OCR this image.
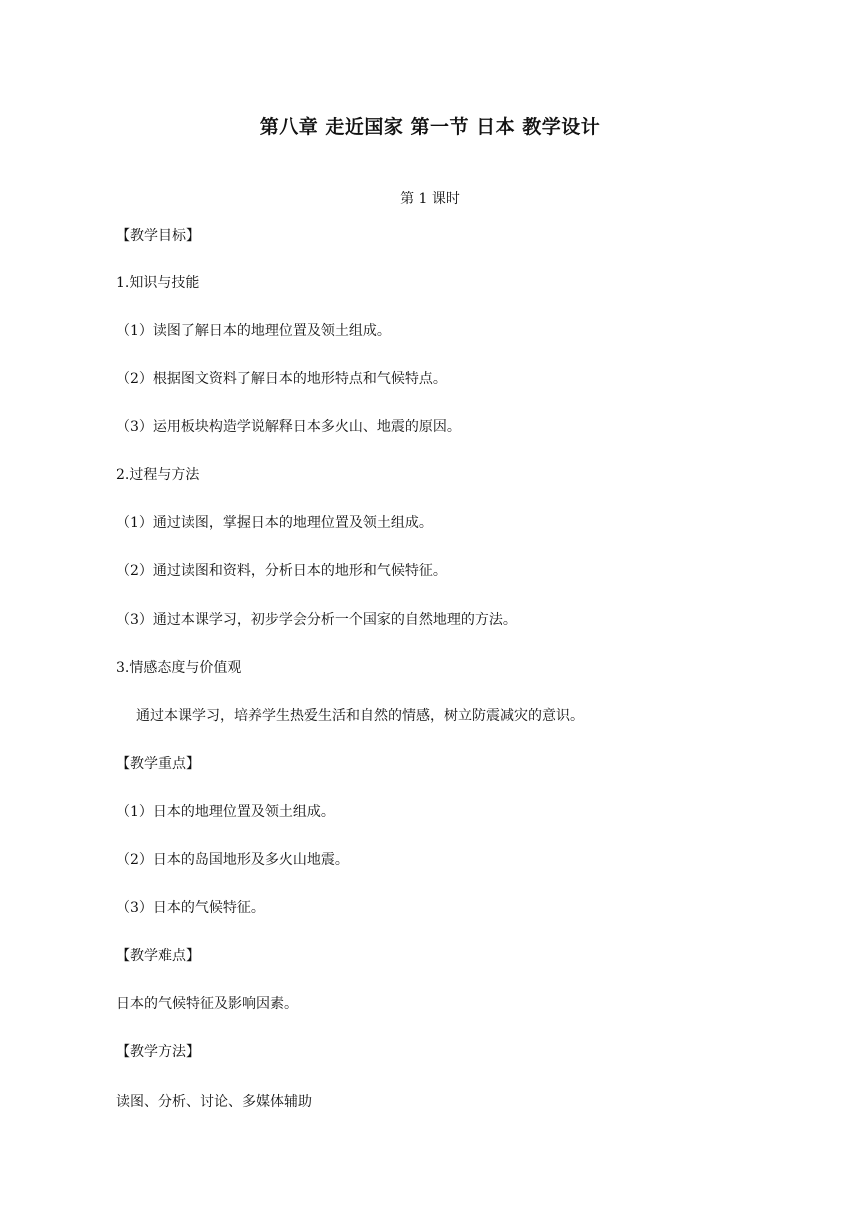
第八章 走近国家 第一节 日本 教学设计
第 1 课时
【教学目标】
1.知识与技能
（1）读图了解日本的地理位置及领土组成。
（2）根据图文资料了解日本的地形特点和气候特点。
（3）运用板块构造学说解释日本多火山、地震的原因。
2.过程与方法
（1）通过读图，掌握日本的地理位置及领土组成。
（2）通过读图和资料，分析日本的地形和气候特征。
（3）通过本课学习，初步学会分析一个国家的自然地理的方法。
3.情感态度与价值观
通过本课学习，培养学生热爱生活和自然的情感，树立防震减灾的意识。
【教学重点】
（1）日本的地理位置及领土组成。
（2）日本的岛国地形及多火山地震。
（3）日本的气候特征。
【教学难点】
日本的气候特征及影响因素。
【教学方法】
读图、分析、讨论、多媒体辅助
